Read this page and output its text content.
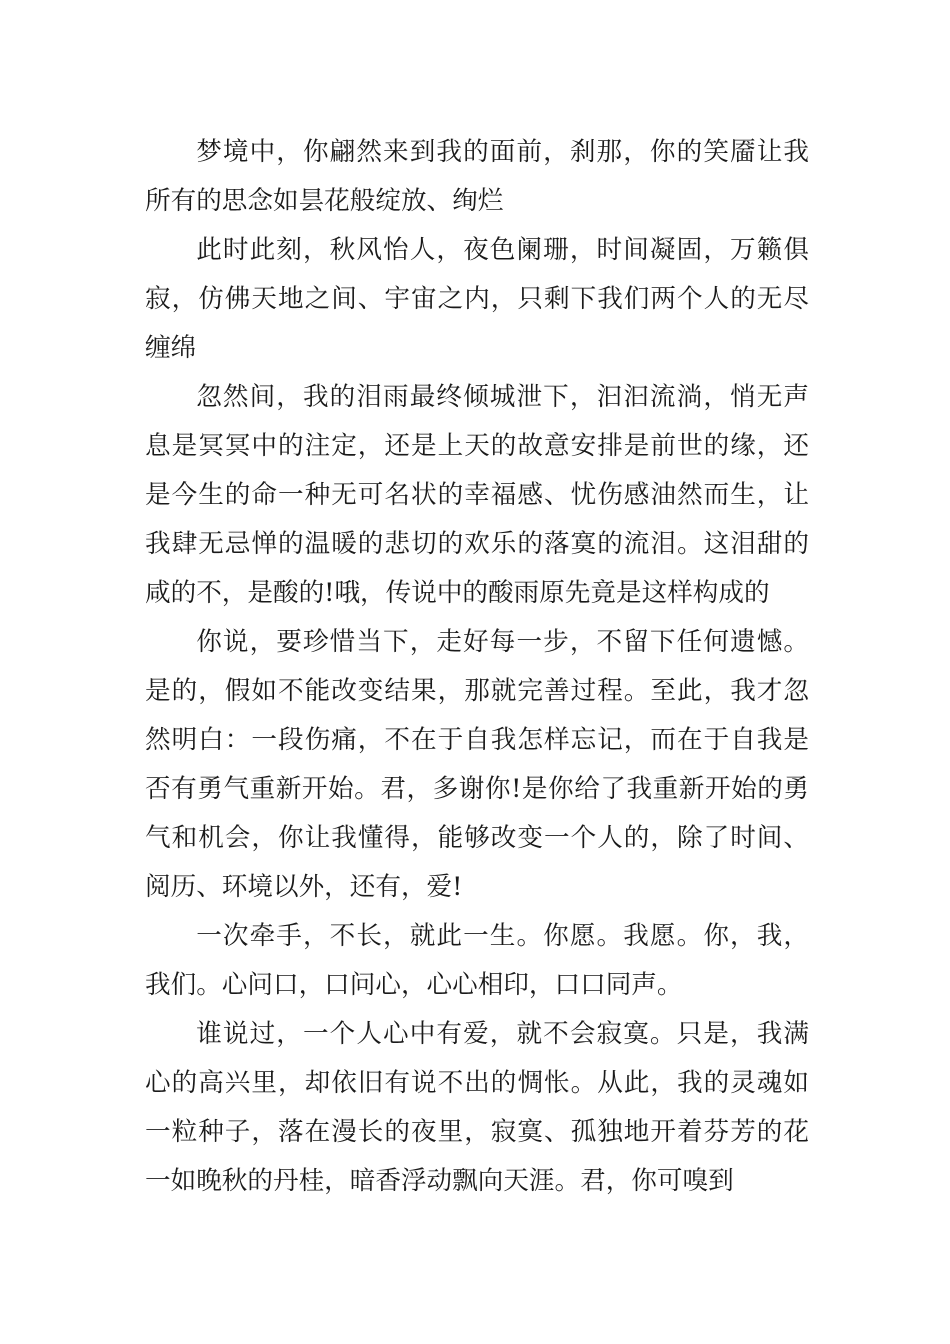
梦境中，你翩然来到我的面前，刹那，你的笑靥让我所有的思念如昙花般绽放、绚烂

此时此刻，秋风怡人，夜色阑珊，时间凝固，万籁俱寂，仿佛天地之间、宇宙之内，只剩下我们两个人的无尽缠绵

忽然间，我的泪雨最终倾城泄下，汩汩流淌，悄无声息是冥冥中的注定，还是上天的故意安排是前世的缘，还是今生的命一种无可名状的幸福感、忧伤感油然而生，让我肆无忌惮的温暖的悲切的欢乐的落寞的流泪。这泪甜的咸的不，是酸的!哦，传说中的酸雨原先竟是这样构成的

你说，要珍惜当下，走好每一步，不留下任何遗憾。是的，假如不能改变结果，那就完善过程。至此，我才忽然明白：一段伤痛，不在于自我怎样忘记，而在于自我是否有勇气重新开始。君，多谢你!是你给了我重新开始的勇气和机会，你让我懂得，能够改变一个人的，除了时间、阅历、环境以外，还有，爱!

一次牵手，不长，就此一生。你愿。我愿。你，我，我们。心问口，口问心，心心相印，口口同声。

谁说过，一个人心中有爱，就不会寂寞。只是，我满心的高兴里，却依旧有说不出的惆怅。从此，我的灵魂如一粒种子，落在漫长的夜里，寂寞、孤独地开着芬芳的花一如晚秋的丹桂，暗香浮动飘向天涯。君，你可嗅到
